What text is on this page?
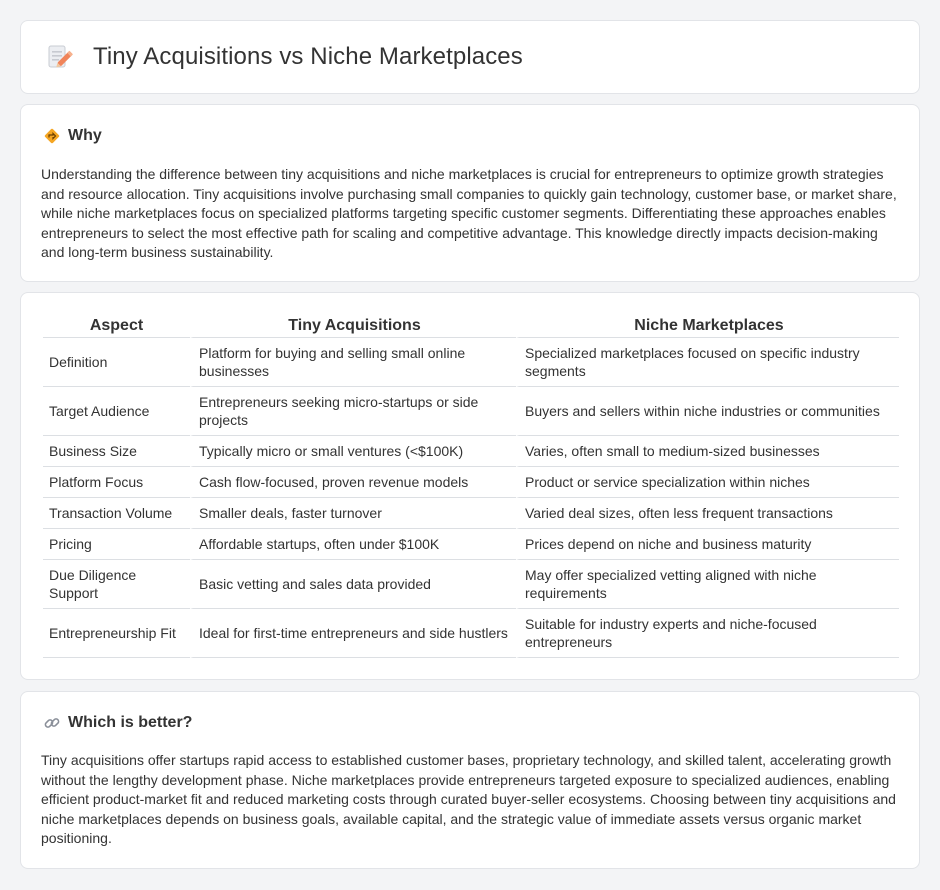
Tiny Acquisitions vs Niche Marketplaces
Why

Understanding the difference between tiny acquisitions and niche marketplaces is crucial for entrepreneurs to optimize growth strategies and resource allocation. Tiny acquisitions involve purchasing small companies to quickly gain technology, customer base, or market share, while niche marketplaces focus on specialized platforms targeting specific customer segments. Differentiating these approaches enables entrepreneurs to select the most effective path for scaling and competitive advantage. This knowledge directly impacts decision-making and long-term business sustainability.

Aspect	Tiny Acquisitions	Niche Marketplaces
Definition	Platform for buying and selling small online businesses	Specialized marketplaces focused on specific industry segments
Target Audience	Entrepreneurs seeking micro-startups or side projects	Buyers and sellers within niche industries or communities
Business Size	Typically micro or small ventures (<$100K)	Varies, often small to medium-sized businesses
Platform Focus	Cash flow-focused, proven revenue models	Product or service specialization within niches
Transaction Volume	Smaller deals, faster turnover	Varied deal sizes, often less frequent transactions
Pricing	Affordable startups, often under $100K	Prices depend on niche and business maturity
Due Diligence Support	Basic vetting and sales data provided	May offer specialized vetting aligned with niche requirements
Entrepreneurship Fit	Ideal for first-time entrepreneurs and side hustlers	Suitable for industry experts and niche-focused entrepreneurs
Which is better?

Tiny acquisitions offer startups rapid access to established customer bases, proprietary technology, and skilled talent, accelerating growth without the lengthy development phase. Niche marketplaces provide entrepreneurs targeted exposure to specialized audiences, enabling efficient product-market fit and reduced marketing costs through curated buyer-seller ecosystems. Choosing between tiny acquisitions and niche marketplaces depends on business goals, available capital, and the strategic value of immediate assets versus organic market positioning.
